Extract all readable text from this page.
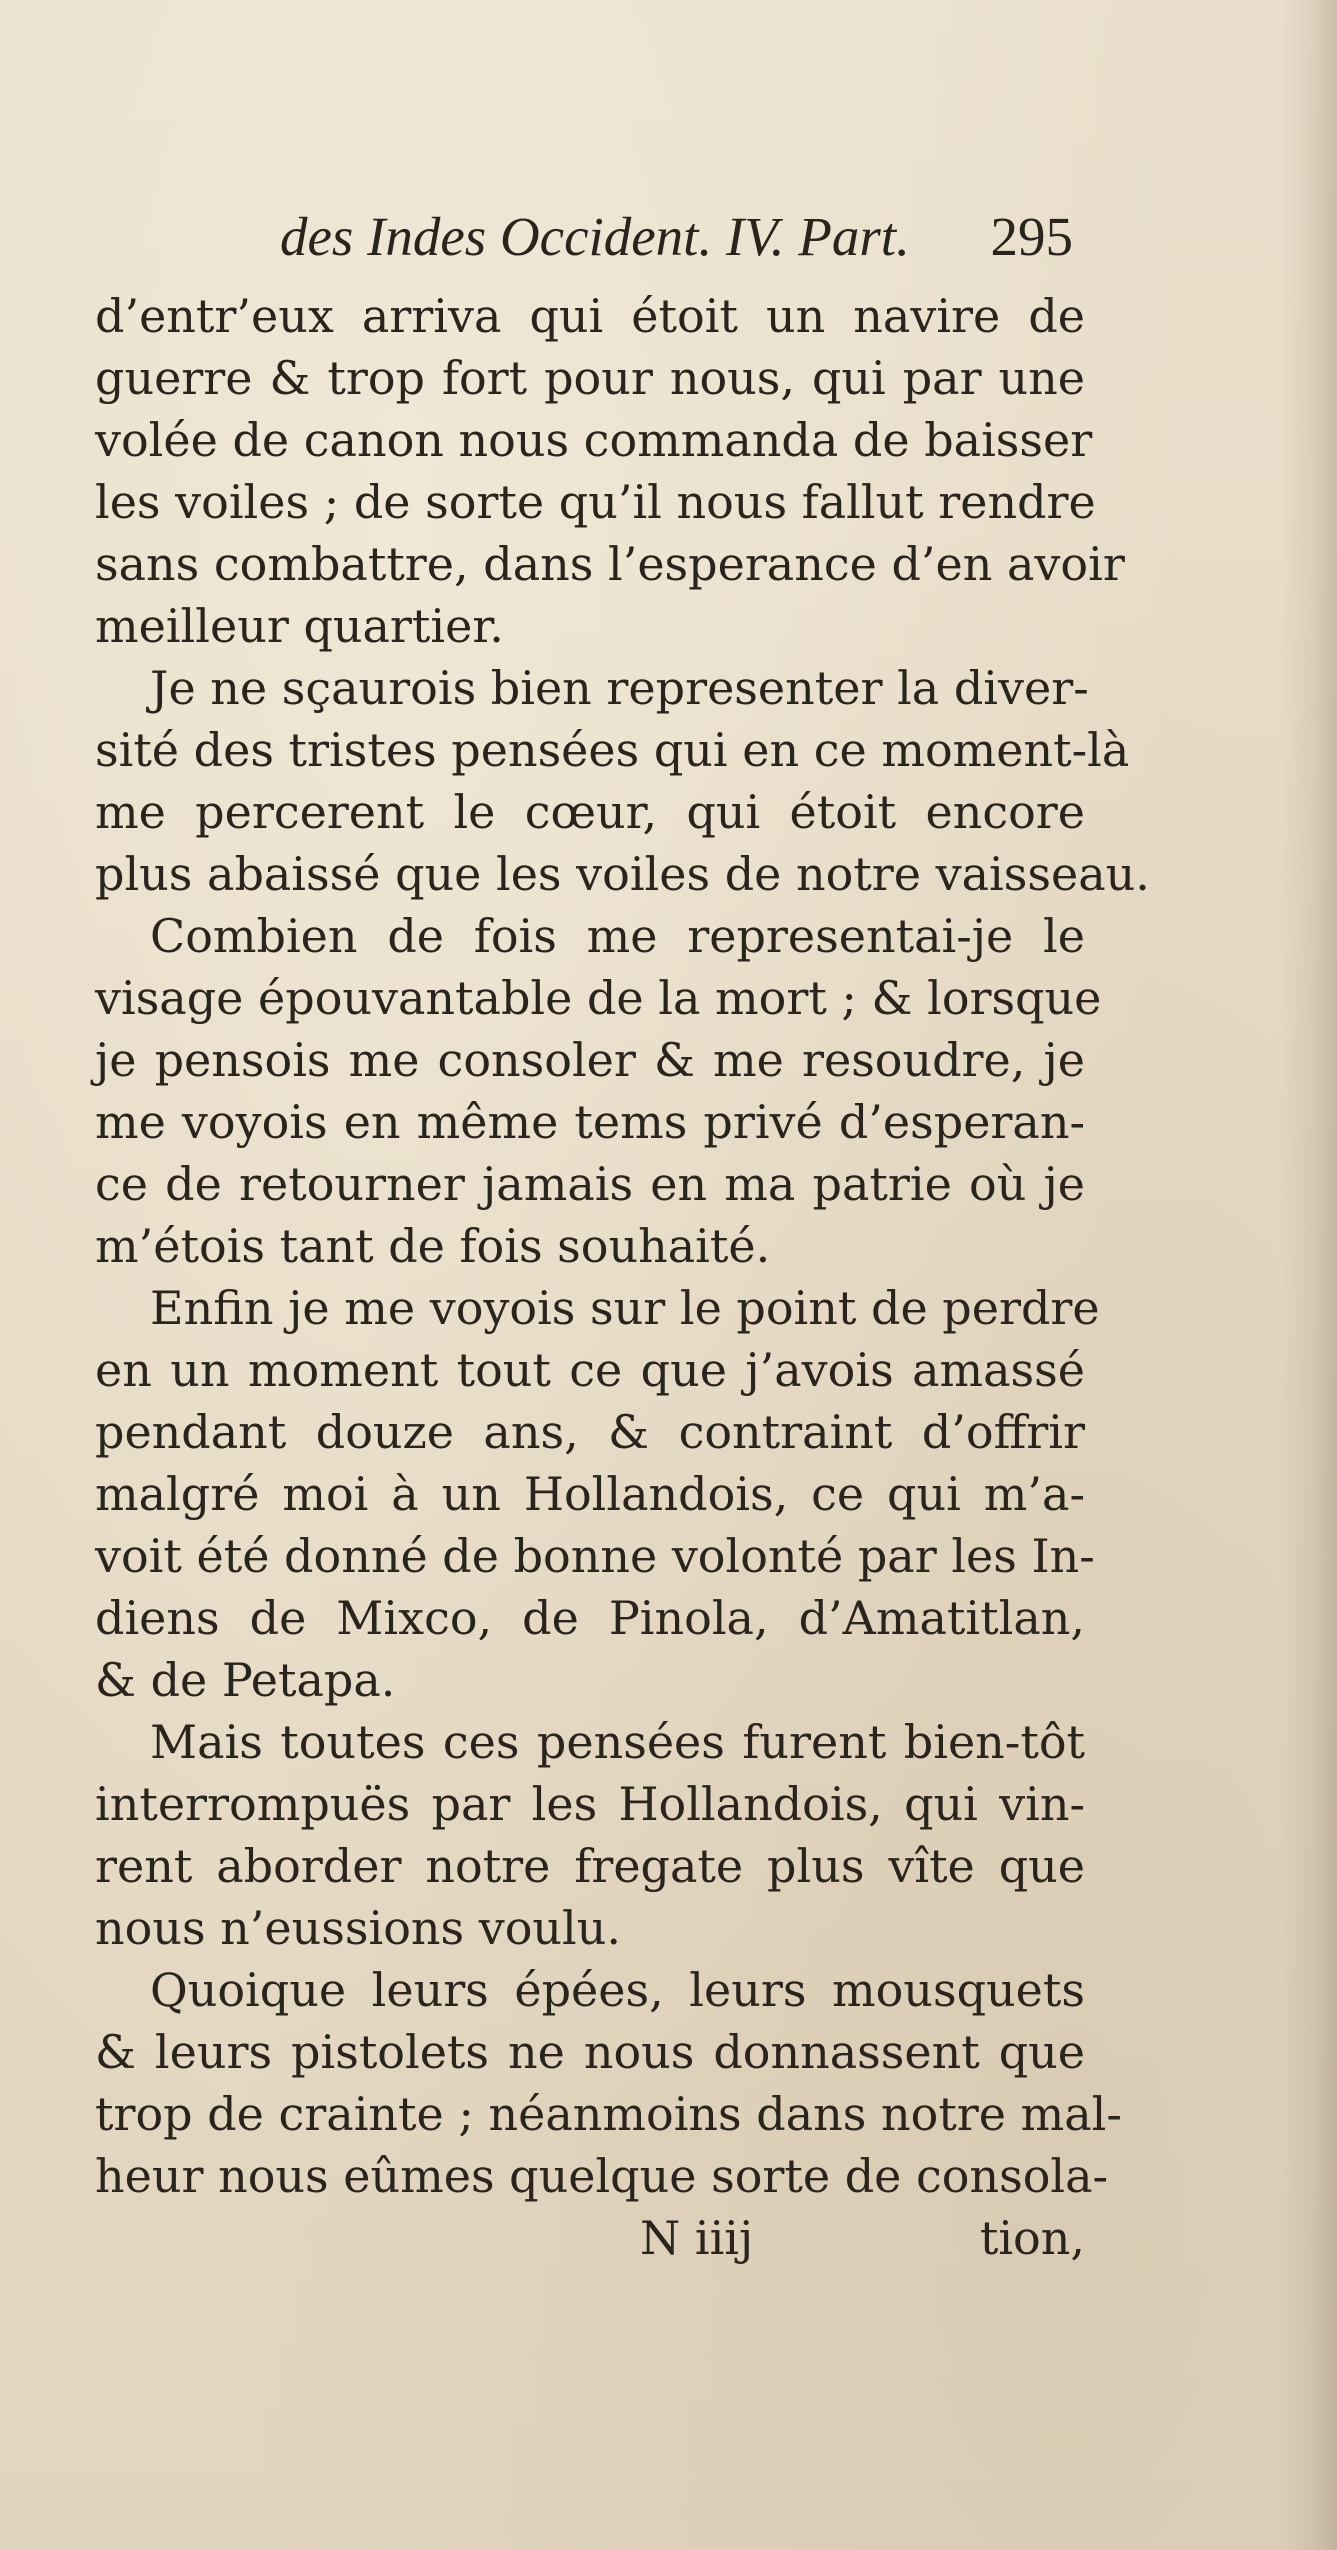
des Indes Occident. IV. Part. 295
d’entr’eux arriva qui étoit un navire de
guerre & trop fort pour nous, qui par une
volée de canon nous commanda de baisser
les voiles ; de sorte qu’il nous fallut rendre
sans combattre, dans l’esperance d’en avoir
meilleur quartier.
Je ne sçaurois bien representer la diver-
sité des tristes pensées qui en ce moment-là
me percerent le cœur, qui étoit encore
plus abaissé que les voiles de notre vaisseau.
Combien de fois me representai-je le
visage épouvantable de la mort ; & lorsque
je pensois me consoler & me resoudre, je
me voyois en même tems privé d’esperan-
ce de retourner jamais en ma patrie où je
m’étois tant de fois souhaité.
Enfin je me voyois sur le point de perdre
en un moment tout ce que j’avois amassé
pendant douze ans, & contraint d’offrir
malgré moi à un Hollandois, ce qui m’a-
voit été donné de bonne volonté par les In-
diens de Mixco, de Pinola, d’Amatitlan,
& de Petapa.
Mais toutes ces pensées furent bien-tôt
interrompuës par les Hollandois, qui vin-
rent aborder notre fregate plus vîte que
nous n’eussions voulu.
Quoique leurs épées, leurs mousquets
& leurs pistolets ne nous donnassent que
trop de crainte ; néanmoins dans notre mal-
heur nous eûmes quelque sorte de consola-
N iiij	tion,
